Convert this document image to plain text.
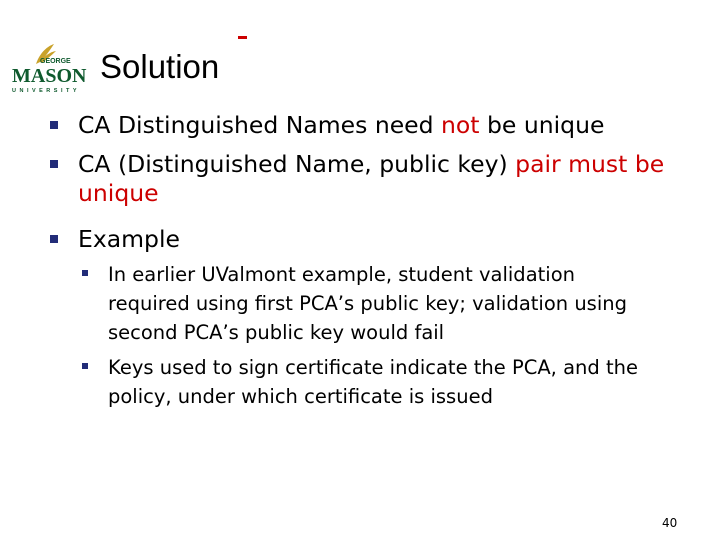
GEORGE
MASON
UNIVERSITY
Solution
CA Distinguished Names need not be unique
CA (Distinguished Name, public key) pair must be unique
Example
In earlier UValmont example, student validation required using first PCA’s public key; validation using second PCA’s public key would fail
Keys used to sign certificate indicate the PCA, and the policy, under which certificate is issued
40
